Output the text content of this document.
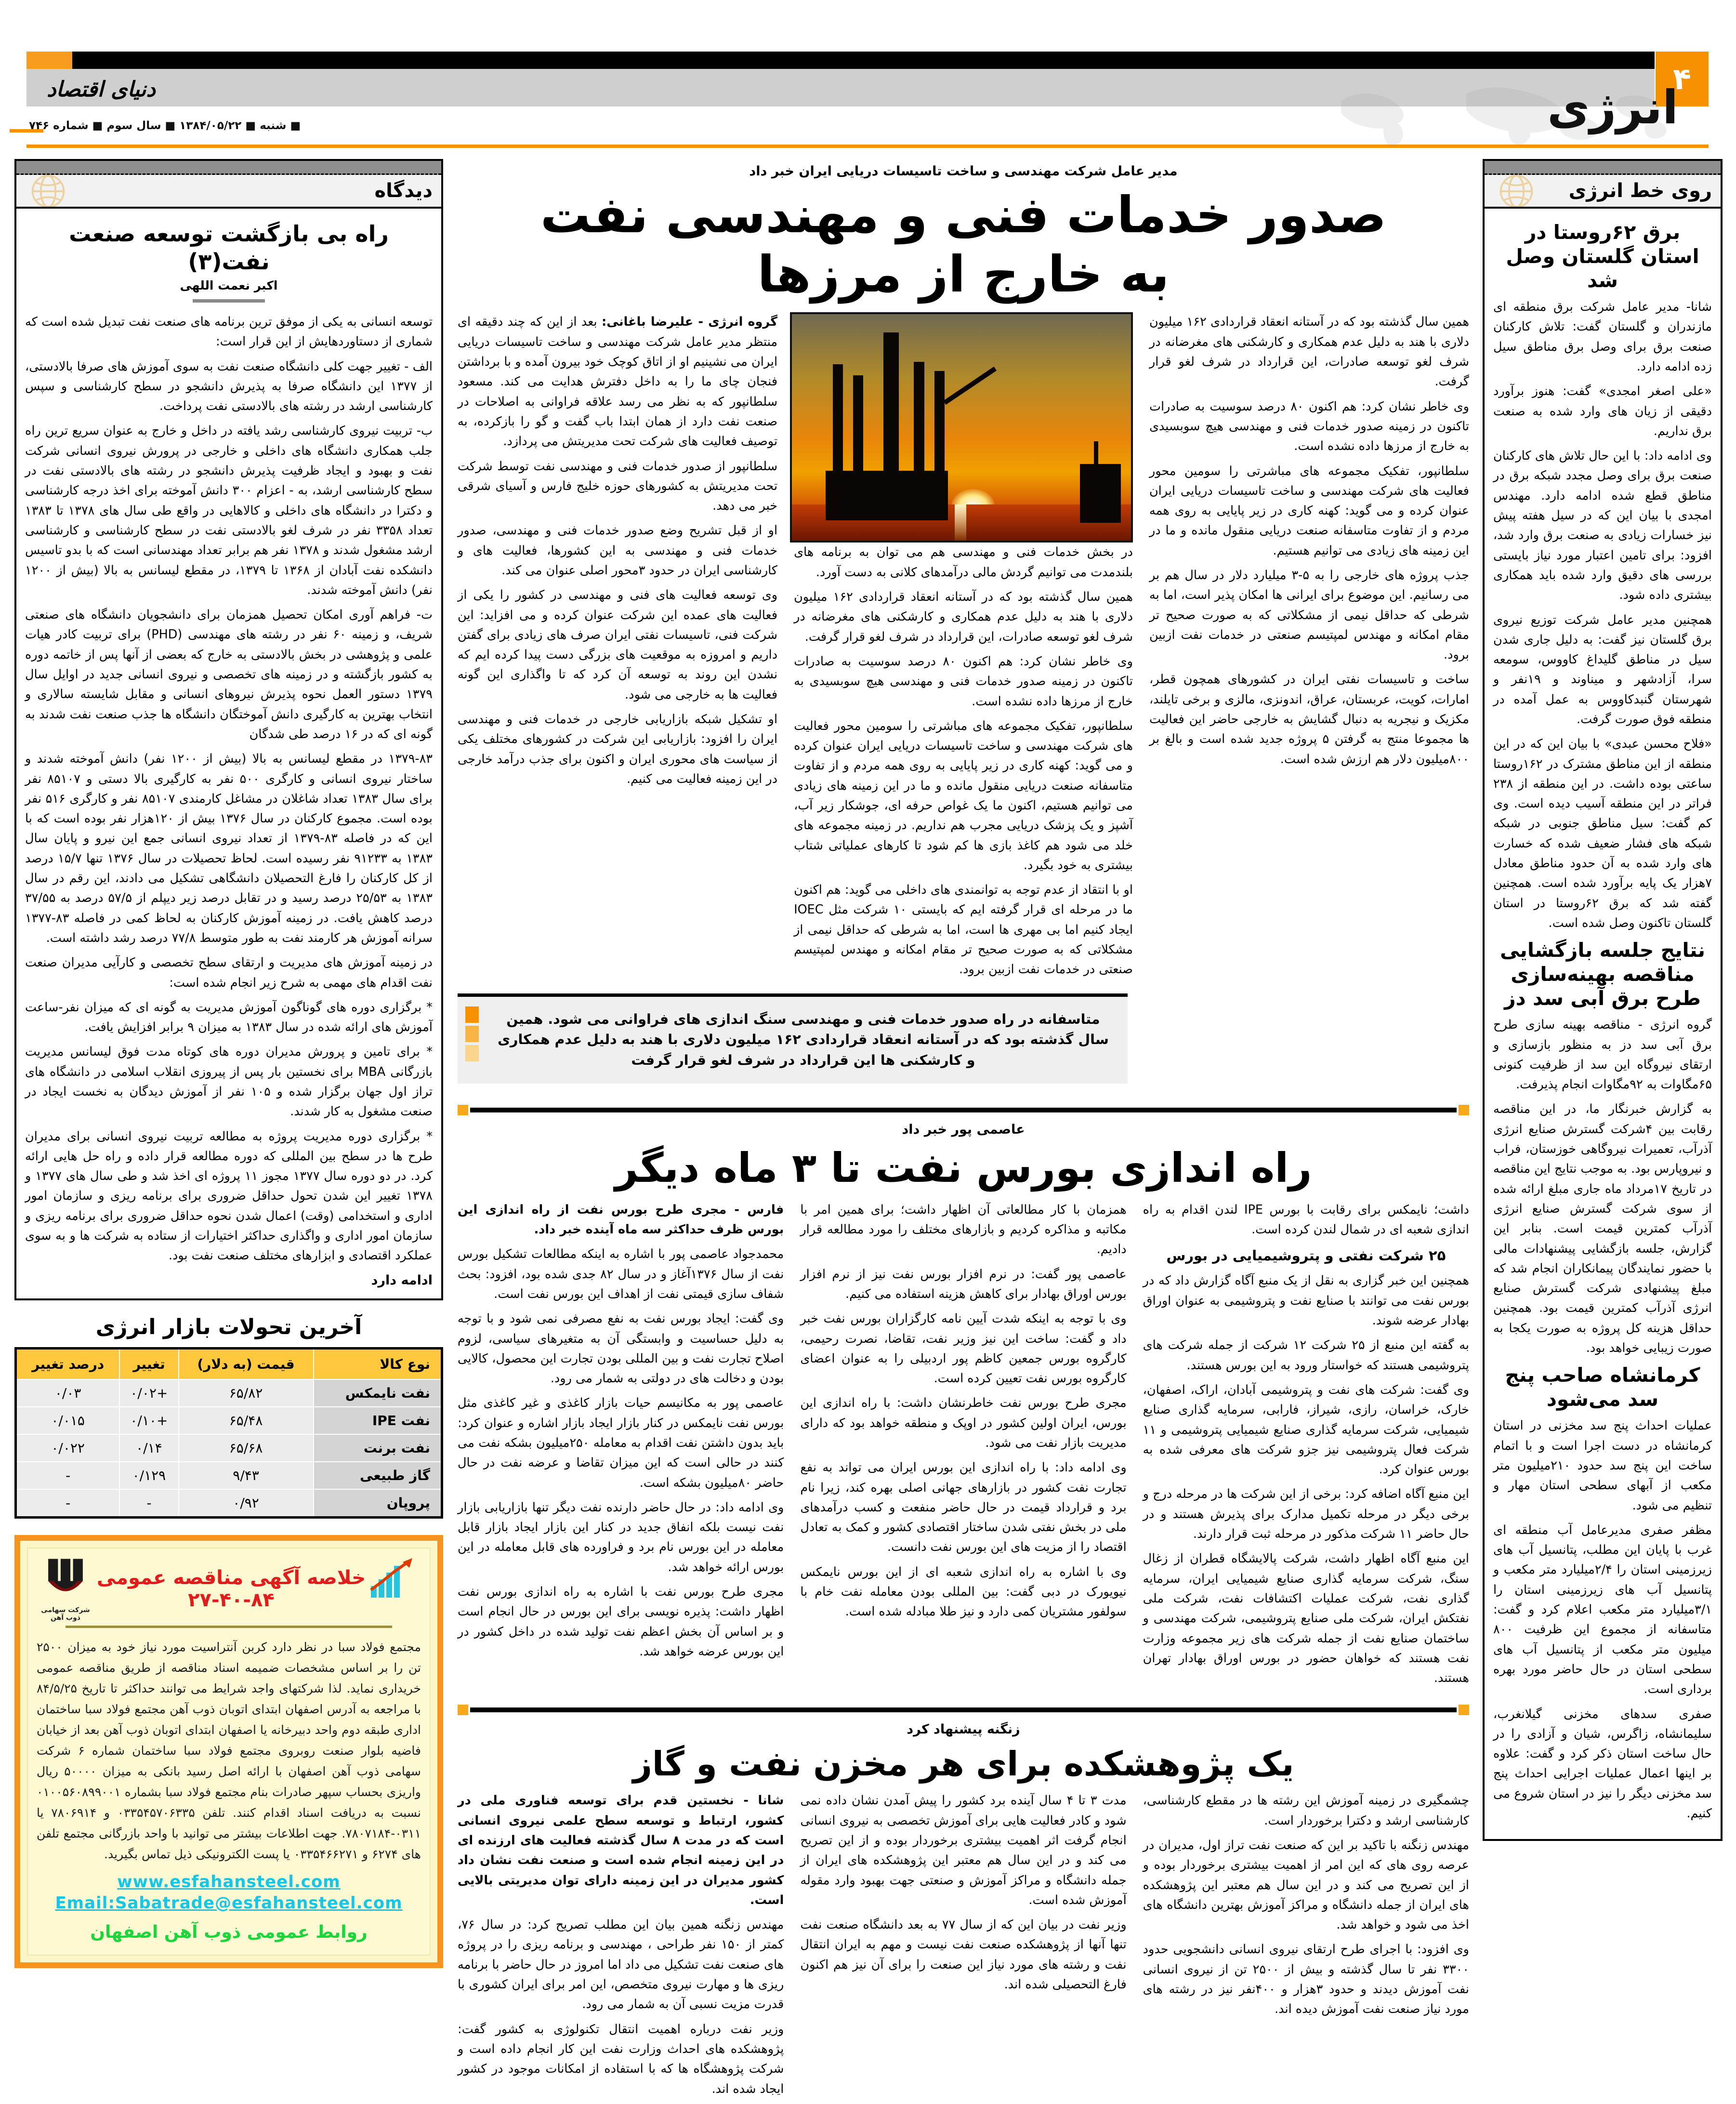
۴
دنیای اقتصاد	انرژی
■ شنبه ■ ۱۳۸۴/۰۵/۲۲ ■ سال سوم ■ شماره ۷۴۶
دیدگاه
راه بی بازگشت توسعه صنعت نفت(۳)
اکبر نعمت اللهی

توسعه انسانی به یکی از موفق ترین برنامه های صنعت نفت تبدیل شده است که شماری از دستاوردهایش از این قرار است:

الف - تغییر جهت کلی دانشگاه صنعت نفت به سوی آموزش های صرفا بالادستی، از ۱۳۷۷ این دانشگاه صرفا به پذیرش دانشجو در سطح کارشناسی و سپس کارشناسی ارشد در رشته های بالادستی نفت پرداخت.

ب- تربیت نیروی کارشناسی رشد یافته در داخل و خارج به عنوان سریع ترین راه جلب همکاری دانشگاه های داخلی و خارجی در پرورش نیروی انسانی شرکت نفت و بهبود و ایجاد ظرفیت پذیرش دانشجو در رشته های بالادستی نفت در سطح کارشناسی ارشد، به - اعزام ۳۰۰ دانش آموخته برای اخذ درجه کارشناسی و دکترا در دانشگاه های داخلی و کالاهایی در واقع طی سال های ۱۳۷۸ تا ۱۳۸۳ تعداد ۳۳۵۸ نفر در شرف لغو بالادستی نفت در سطح کارشناسی و کارشناسی ارشد مشغول شدند و ۱۳۷۸ نفر هم برابر تعداد مهندسانی است که با بدو تاسیس دانشکده نفت آبادان از ۱۳۶۸ تا ۱۳۷۹، در مقطع لیسانس به بالا (بیش از ۱۲۰۰ نفر) دانش آموخته شدند.

ت- فراهم آوری امکان تحصیل همزمان برای دانشجویان دانشگاه های صنعتی شریف، و زمینه ۶۰ نفر در رشته های مهندسی (PHD) برای تربیت کادر هیات علمی و پژوهشی در بخش بالادستی به خارج که بعضی از آنها پس از خاتمه دوره به کشور بازگشته و در زمینه های تخصصی و نیروی انسانی جدید در اوایل سال ۱۳۷۹ دستور العمل نحوه پذیرش نیروهای انسانی و مقابل شایسته سالاری و انتخاب بهترین به کارگیری دانش آموختگان دانشگاه ها جذب صنعت نفت شدند به گونه ای که در ۱۶ درصد طی شدگان

۱۳۷۹-۸۳ در مقطع لیسانس به بالا (بیش از ۱۲۰۰ نفر) دانش آموخته شدند و ساختار نیروی انسانی و کارگری ۵۰۰ نفر به کارگیری بالا دستی و ۸۵۱۰۷ نفر برای سال ۱۳۸۳ تعداد شاغلان در مشاغل کارمندی ۸۵۱۰۷ نفر و کارگری ۵۱۶ نفر بوده است. مجموع کارکنان در سال ۱۳۷۶ بیش از ۱۲۰هزار نفر بوده است که با این که در فاصله ۸۳-۱۳۷۹ از تعداد نیروی انسانی جمع این نیرو و پایان سال ۱۳۸۳ به ۹۱۲۳۳ نفر رسیده است. لحاظ تحصیلات در سال ۱۳۷۶ تنها ۱۵/۷ درصد از کل کارکنان را فارغ التحصیلان دانشگاهی تشکیل می دادند، این رقم در سال ۱۳۸۳ به ۲۵/۵۳ درصد رسید و در تقابل درصد زیر دیپلم از ۵۷/۵ درصد به ۳۷/۵۵ درصد کاهش یافت. در زمینه آموزش کارکنان به لحاظ کمی در فاصله ۸۳-۱۳۷۷ سرانه آموزش هر کارمند نفت به طور متوسط ۷۷/۸ درصد رشد داشته است.

در زمینه آموزش های مدیریت و ارتقای سطح تخصصی و کارآیی مدیران صنعت نفت اقدام های مهمی به شرح زیر انجام شده است:

* برگزاری دوره های گوناگون آموزش مدیریت به گونه ای که میزان نفر-ساعت آموزش های ارائه شده در سال ۱۳۸۳ به میزان ۹ برابر افزایش یافت.

* برای تامین و پرورش مدیران دوره های کوتاه مدت فوق لیسانس مدیریت بازرگانی MBA برای نخستین بار پس از پیروزی انقلاب اسلامی در دانشگاه های تراز اول جهان برگزار شده و ۱۰۵ نفر از آموزش دیدگان به نخست ایجاد در صنعت مشغول به کار شدند.

* برگزاری دوره مدیریت پروژه به مطالعه تربیت نیروی انسانی برای مدیران طرح ها در سطح بین المللی که دوره مطالعه قرار داده و راه حل هایی ارائه کرد. در دو دوره سال ۱۳۷۷ مجوز ۱۱ پروژه ای اخذ شد و طی سال های ۱۳۷۷ و ۱۳۷۸ تغییر این شدن تحول حداقل ضروری برای برنامه ریزی و سازمان امور اداری و استخدامی (وقت) اعمال شدن نحوه حداقل ضروری برای برنامه ریزی و سازمان امور اداری و واگذاری حداکثر اختیارات از ستاده به شرکت ها و به سوی عملکرد اقتصادی و ابزارهای مختلف صنعت نفت بود.

ادامه دارد
آخرین تحولات بازار انرژی
نوع کالا	قیمت (به دلار)	تغییر	درصد تغییر
نفت نایمکس	۶۵/۸۲	+۰/۰۲	۰/۰۳
نفت IPE	۶۵/۴۸	+۰/۱۰	۰/۰۱۵
نفت برنت	۶۵/۶۸	۰/۱۴	۰/۰۲۲
گاز طبیعی	۹/۴۳	۰/۱۲۹	-
پروپان	۰/۹۲	-	-
خلاصه آگهی مناقصه عمومی ۸۴-۴۰-۲۷
شرکت سهامی ذوب آهن
مجتمع فولاد سبا در نظر دارد کربن آنتراسیت مورد نیاز خود به میزان ۲۵۰۰ تن را بر اساس مشخصات ضمیمه اسناد مناقصه از طریق مناقصه عمومی خریداری نماید. لذا شرکتهای واجد شرایط می توانند حداکثر تا تاریخ ۸۴/۵/۲۵ با مراجعه به آدرس اصفهان ابتدای اتوبان ذوب آهن مجتمع فولاد سبا ساختمان اداری طبقه دوم واحد دبیرخانه یا اصفهان ابتدای اتوبان ذوب آهن بعد از خیابان فاضیه بلوار صنعت روبروی مجتمع فولاد سبا ساختمان شماره ۶ شرکت سهامی ذوب آهن اصفهان با ارائه اصل رسید بانکی به میزان ۵۰۰۰۰ ریال واریزی بحساب سپهر صادرات بنام مجتمع فولاد سبا بشماره ۰۱۰۰۵۶۰۸۹۹۰۰۱ نسبت به دریافت اسناد اقدام کنند. تلفن ۰۳۳۵۴۵۷۰۶۳۳۵ و ۷۸۰۶۹۱۴ یا ۰۳۱۱-۷۸۰۷۱۸۴. جهت اطلاعات بیشتر می توانید با واحد بازرگانی مجتمع تلفن های ۶۲۷۴ و ۰۳۳۵۴۶۶۲۷۱ یا پست الکترونیکی ذیل تماس بگیرید.
www.esfahansteel.com
Email:Sabatrade@esfahansteel.com
روابط عمومی ذوب آهن اصفهان
مدیر عامل شرکت مهندسی و ساخت تاسیسات دریایی ایران خبر داد
صدور خدمات فنی و مهندسی نفت
به خارج از مرزها

همین سال گذشته بود که در آستانه انعقاد قراردادی ۱۶۲ میلیون دلاری با هند به دلیل عدم همکاری و کارشکنی های مغرضانه در شرف لغو توسعه صادرات، این قرارداد در شرف لغو قرار گرفت.

وی خاطر نشان کرد: هم اکنون ۸۰ درصد سوسیت به صادرات تاکنون در زمینه صدور خدمات فنی و مهندسی هیچ سوبسیدی به خارج از مرزها داده نشده است.

سلطانپور، تفکیک مجموعه های مباشرتی را سومین محور فعالیت های شرکت مهندسی و ساخت تاسیسات دریایی ایران عنوان کرده و می گوید: کهنه کاری در زیر پایایی به روی همه مردم و از تفاوت متاسفانه صنعت دریایی منقول مانده و ما در این زمینه های زیادی می توانیم هستیم.

جذب پروژه های خارجی را به ۵-۳ میلیارد دلار در سال هم بر می رسانیم. این موضوع برای ایرانی ها امکان پذیر است، اما به شرطی که حداقل نیمی از مشکلاتی که به صورت صحیح تر مقام امکانه و مهندس لمپتیسم صنعتی در خدمات نفت ازبین برود.

ساخت و تاسیسات نفتی ایران در کشورهای همچون قطر، امارات، کویت، عربستان، عراق، اندونزی، مالزی و برخی تایلند، مکزیک و نیجریه به دنبال گشایش به خارجی حاضر این فعالیت ها مجموعا منتج به گرفتن ۵ پروژه جدید شده است و بالغ بر ۸۰۰میلیون دلار هم ارزش شده است.

در بخش خدمات فنی و مهندسی هم می توان به برنامه های بلندمدت می توانیم گردش مالی درآمدهای کلانی به دست آورد.

همین سال گذشته بود که در آستانه انعقاد قراردادی ۱۶۲ میلیون دلاری با هند به دلیل عدم همکاری و کارشکنی های مغرضانه در شرف لغو توسعه صادرات، این قرارداد در شرف لغو قرار گرفت.

وی خاطر نشان کرد: هم اکنون ۸۰ درصد سوسیت به صادرات تاکنون در زمینه صدور خدمات فنی و مهندسی هیچ سوبسیدی به خارج از مرزها داده نشده است.

سلطانپور، تفکیک مجموعه های مباشرتی را سومین محور فعالیت های شرکت مهندسی و ساخت تاسیسات دریایی ایران عنوان کرده و می گوید: کهنه کاری در زیر پایایی به روی همه مردم و از تفاوت متاسفانه صنعت دریایی منقول مانده و ما در این زمینه های زیادی می توانیم هستیم، اکنون ما یک غواص حرفه ای، جوشکار زیر آب، آشپز و یک پزشک دریایی مجرب هم نداریم. در زمینه مجموعه های خلد می شود هم کاغذ بازی ها کم شود تا کارهای عملیاتی شتاب بیشتری به خود بگیرد.

او با انتقاد از عدم توجه به توانمندی های داخلی می گوید: هم اکنون ما در مرحله ای قرار گرفته ایم که بایستی ۱۰ شرکت مثل IOEC ایجاد کنیم اما بی مهری ها است، اما به شرطی که حداقل نیمی از مشکلاتی که به صورت صحیح تر مقام امکانه و مهندس لمپتیسم صنعتی در خدمات نفت ازبین برود.

گروه انرژی - علیرضا باغانی: بعد از این که چند دقیقه ای منتظر مدیر عامل شرکت مهندسی و ساخت تاسیسات دریایی ایران می نشینیم او از اتاق کوچک خود بیرون آمده و با برداشتن فنجان چای ما را به داخل دفترش هدایت می کند. مسعود سلطانپور که به نظر می رسد علاقه فراوانی به اصلاحات در صنعت نفت دارد از همان ابتدا باب گفت و گو را بازکرده، به توصیف فعالیت های شرکت تحت مدیریتش می پردازد.

سلطانپور از صدور خدمات فنی و مهندسی نفت توسط شرکت تحت مدیریتش به کشورهای حوزه خلیج فارس و آسیای شرقی خبر می دهد.

او از قبل تشریح وضع صدور خدمات فنی و مهندسی، صدور خدمات فنی و مهندسی به این کشورها، فعالیت های و کارشناسی ایران در حدود ۳محور اصلی عنوان می کند.

وی توسعه فعالیت های فنی و مهندسی در کشور را یکی از فعالیت های عمده این شرکت عنوان کرده و می افزاید: این شرکت فنی، تاسیسات نفتی ایران صرف های زیادی برای گفتن داریم و امروزه به موقعیت های بزرگی دست پیدا کرده ایم که نشدن این روند به توسعه آن کرد که تا واگذاری این گونه فعالیت ها به خارجی می شود.

او تشکیل شبکه بازاریابی خارجی در خدمات فنی و مهندسی ایران را افزود: بازاریابی این شرکت در کشورهای مختلف یکی از سیاست های محوری ایران و اکنون برای جذب درآمد خارجی در این زمینه فعالیت می کنیم.

متاسفانه در راه صدور خدمات فنی و مهندسی سنگ اندازی های فراوانی می شود. همین سال گذشته بود که در آستانه انعقاد قراردادی ۱۶۲ میلیون دلاری با هند به دلیل عدم همکاری و کارشکنی ها این قرارداد در شرف لغو قرار گرفت

عاصمی پور خبر داد
راه اندازی بورس نفت تا ۳ ماه دیگر

داشت؛ نایمکس برای رقابت با بورس IPE لندن اقدام به راه اندازی شعبه ای در شمال لندن کرده است.

۲۵ شرکت نفتی و پتروشیمیایی در بورس

همچنین این خبر گزاری به نقل از یک منبع آگاه گزارش داد که در بورس نفت می توانند با صنایع نفت و پتروشیمی به عنوان اوراق بهادار عرضه شوند.

به گفته این منبع از ۲۵ شرکت ۱۲ شرکت از جمله شرکت های پتروشیمی هستند که خواستار ورود به این بورس هستند.

وی گفت: شرکت های نفت و پتروشیمی آبادان، اراک، اصفهان، خارک، خراسان، رازی، شیراز، فارابی، سرمایه گذاری صنایع شیمیایی، شرکت سرمایه گذاری صنایع شیمیایی پتروشیمی و ۱۱ شرکت فعال پتروشیمی نیز جزو شرکت های معرفی شده به بورس عنوان کرد.

این منبع آگاه اضافه کرد: برخی از این شرکت ها در مرحله درج و برخی دیگر در مرحله تکمیل مدارک برای پذیرش هستند و در حال حاضر ۱۱ شرکت مذکور در مرحله ثبت قرار دارند.

این منبع آگاه اظهار داشت، شرکت پالایشگاه قطران از زغال سنگ، شرکت سرمایه گذاری صنایع شیمیایی ایران، سرمایه گذاری نفت، شرکت عملیات اکتشافات نفت، شرکت ملی نفتکش ایران، شرکت ملی صنایع پتروشیمی، شرکت مهندسی و ساختمان صنایع نفت از جمله شرکت های زیر مجموعه وزارت نفت هستند که خواهان حضور در بورس اوراق بهادار تهران هستند.

همزمان با کار مطالعاتی آن اظهار داشت؛ برای همین امر با مکاتبه و مذاکره کردیم و بازارهای مختلف را مورد مطالعه قرار دادیم.

عاصمی پور گفت: در نرم افزار بورس نفت نیز از نرم افزار بورس اوراق بهادار برای کاهش هزینه استفاده می کنیم.

وی با توجه به اینکه شدت آیین نامه کارگزاران بورس نفت خبر داد و گفت: ساخت این نیز وزیر نفت، تقاضا، نصرت رحیمی، کارگروه بورس جمعین کاظم پور اردبیلی را به عنوان اعضای کارگروه بورس نفت تعیین کرده است.

مجری طرح بورس نفت خاطرنشان داشت: با راه اندازی این بورس، ایران اولین کشور در اوپک و منطقه خواهد بود که دارای مدیریت بازار نفت می شود.

وی ادامه داد: با راه اندازی این بورس ایران می تواند به نفع تجارت نفت کشور در بازارهای جهانی اصلی بهره کند، زیرا نام برد و قرارداد قیمت در حال حاضر منفعت و کسب درآمدهای ملی در بخش نفتی شدن ساختار اقتصادی کشور و کمک به تعادل اقتصاد را از مزیت های این بورس نفت دانست.

وی با اشاره به راه اندازی شعبه ای از این بورس نایمکس نیویورک در دبی گفت: بین المللی بودن معامله نفت خام با سولفور مشتریان کمی دارد و نیز طلا مبادله شده است.

فارس - مجری طرح بورس نفت از راه اندازی این بورس ظرف حداکثر سه ماه آینده خبر داد.

محمدجواد عاصمی پور با اشاره به اینکه مطالعات تشکیل بورس نفت از سال ۱۳۷۶آغاز و در سال ۸۲ جدی شده بود، افزود: بحث شفاف سازی قیمتی نفت از اهداف این بورس نفت است.

وی گفت: ایجاد بورس نفت به نفع مصرفی نمی شود و با توجه به دلیل حساسیت و وابستگی آن به متغیرهای سیاسی، لزوم اصلاح تجارت نفت و بین المللی بودن تجارت این محصول، کالایی بودن و دخالت های در دولتی به شمار می رود.

عاصمی پور به مکانیسم حیات بازار کاغذی و غیر کاغذی مثل بورس نفت نایمکس در کنار بازار ایجاد بازار اشاره و عنوان کرد: باید بدون داشتن نفت اقدام به معامله ۲۵۰میلیون بشکه نفت می کنند در حالی است که این میزان تقاضا و عرضه نفت در حال حاضر ۸۰میلیون بشکه است.

وی ادامه داد: در حال حاضر دارنده نفت دیگر تنها بازاریابی بازار نفت نیست بلکه انفاق جدید در کنار این بازار ایجاد بازار قابل معامله در این بورس نام برد و فراورده های قابل معامله در این بورس ارائه خواهد شد.

مجری طرح بورس نفت با اشاره به راه اندازی بورس نفت اظهار داشت: پذیره نویسی برای این بورس در حال انجام است و بر اساس آن بخش اعظم نفت تولید شده در داخل کشور در این بورس عرضه خواهد شد.

زنگنه پیشنهاد کرد
یک پژوهشکده برای هر مخزن نفت و گاز

چشمگیری در زمینه آموزش این رشته ها در مقطع کارشناسی، کارشناسی ارشد و دکترا برخوردار است.

مهندس زنگنه با تاکید بر این که صنعت نفت تراز اول، مدیران در عرصه روی های که این امر از اهمیت بیشتری برخوردار بوده و از این تصریح می کند و در این سال هم معتبر این پژوهشکده های ایران از جمله دانشگاه و مراکز آموزش بهترین دانشگاه های اخذ می شود و خواهد شد.

وی افزود: با اجرای طرح ارتقای نیروی انسانی دانشجویی حدود ۳۳۰۰ نفر تا سال گذشته و بیش از ۲۵۰۰ تن از نیروی انسانی نفت آموزش دیدند و حدود ۳هزار و ۴۰۰نفر نیز در رشته های مورد نیاز صنعت نفت آموزش دیده اند.

مدت ۳ تا ۴ سال آینده برد کشور را پیش آمدن نشان داده نمی شود و کادر فعالیت هایی برای آموزش تخصصی به نیروی انسانی انجام گرفت اثر اهمیت بیشتری برخوردار بوده و از این تصریح می کند و در این سال هم معتبر این پژوهشکده های ایران از جمله دانشگاه و مراکز آموزش و صنعتی جهت بهبود وارد مقوله آموزش شده است.

وزیر نفت در بیان این که از سال ۷۷ به بعد دانشگاه صنعت نفت تنها آنها از پژوهشکده صنعت نفت نیست و مهم به ایران انتقال نفت و رشته های مورد نیاز این صنعت را برای آن نیز هم اکنون فارغ التحصیلی شده اند.

شانا - نخستین قدم برای توسعه فناوری ملی در کشور، ارتباط و توسعه سطح علمی نیروی انسانی است که در مدت ۸ سال گذشته فعالیت های ارزنده ای در این زمینه انجام شده است و صنعت نفت نشان داد کشور مدیران در این زمینه دارای توان مدیریتی بالایی است.

مهندس زنگنه همین بیان این مطلب تصریح کرد: در سال ۷۶، کمتر از ۱۵۰ نفر طراحی ، مهندسی و برنامه ریزی را در پروژه های صنعت نفت تشکیل می داد اما امروز در حال حاضر با برنامه ریزی ها و مهارت نیروی متخصص، این امر برای ایران کشوری با قدرت مزیت نسبی آن به شمار می رود.

وزیر نفت درباره اهمیت انتقال تکنولوژی به کشور گفت: پژوهشکده های احداث وزارت نفت این کار انجام داده است و شرکت پژوهشگاه ها که با استفاده از امکانات موجود در کشور ایجاد شده اند.

روی خط انرژی
برق ۶۲روستا در استان گلستان وصل شد

شانا- مدیر عامل شرکت برق منطقه ای مازندران و گلستان گفت: تلاش کارکنان صنعت برق برای وصل برق مناطق سیل زده ادامه دارد.

«علی اصغر امجدی» گفت: هنوز برآورد دقیقی از زیان های وارد شده به صنعت برق نداریم.

وی ادامه داد: با این حال تلاش های کارکنان صنعت برق برای وصل مجدد شبکه برق در مناطق قطع شده ادامه دارد. مهندس امجدی با بیان این که در سیل هفته پیش نیز خسارات زیادی به صنعت برق وارد شد، افزود: برای تامین اعتبار مورد نیاز بایستی بررسی های دقیق وارد شده باید همکاری بیشتری داده شود.

همچنین مدیر عامل شرکت توزیع نیروی برق گلستان نیز گفت: به دلیل جاری شدن سیل در مناطق گلیداغ کاووس، سومعه سرا، آزادشهر و میناوند و ۱۹نفر و شهرستان گنبدکاووس به عمل آمده در منطقه فوق صورت گرفت.

«فلاح محسن عبدی» با بیان این که در این منطقه از این مناطق مشترک در ۱۶۲روستا ساعتی بوده داشت. در این منطقه از ۲۳۸ فراتر در این منطقه آسیب دیده است. وی کم گفت: سیل مناطق جنوبی در شبکه شبکه های فشار ضعیف شده که خسارت های وارد شده به آن حدود مناطق معادل ۷هزار یک پایه برآورد شده است. همچنین گفته شد که برق ۶۲روستا در استان گلستان تاکنون وصل شده است.

نتایج جلسه بازگشایی مناقصه بهینه‌سازی طرح برق آبی سد دز

گروه انرژی - مناقصه بهینه سازی طرح برق آبی سد دز به منظور بازسازی و ارتقای نیروگاه این سد از ظرفیت کنونی ۶۵مگاوات به ۹۲مگاوات انجام پذیرفت.

به گزارش خبرنگار ما، در این مناقصه رقابت بین ۴شرکت گسترش صنایع انرژی آذرآب، تعمیرات نیروگاهی خوزستان، فراب و نیروپارس بود. به موجب نتایج این مناقصه در تاریخ ۱۷مرداد ماه جاری مبلغ ارائه شده از سوی شرکت گسترش صنایع انرژی آذرآب کمترین قیمت است. بنابر این گزارش، جلسه بازگشایی پیشنهادات مالی با حضور نمایندگان پیمانکاران انجام شد که مبلغ پیشنهادی شرکت گسترش صنایع انرژی آذرآب کمترین قیمت بود. همچنین حداقل هزینه کل پروژه به صورت یکجا به صورت زیبایی خواهد بود.

کرمانشاه صاحب پنج سد می‌شود

عملیات احداث پنج سد مخزنی در استان کرمانشاه در دست اجرا است و با اتمام ساخت این پنج سد حدود ۲۱۰میلیون متر مکعب از آبهای سطحی استان مهار و تنظیم می شود.

مظفر صفری مدیرعامل آب منطقه ای غرب با پایان این مطلب، پتانسیل آب های زیرزمینی استان را ۲/۴میلیارد متر مکعب و پتانسیل آب های زیرزمینی استان را ۳/۱میلیارد متر مکعب اعلام کرد و گفت: متاسفانه از مجموع این ظرفیت ۸۰۰ میلیون متر مکعب از پتانسیل آب های سطحی استان در حال حاضر مورد بهره برداری است.

صفری سدهای مخزنی گیلانغرب، سلیمانشاه، زاگرس، شیان و آزادی را در حال ساخت استان ذکر کرد و گفت: علاوه بر اینها اعمال عملیات اجرایی احداث پنج سد مخزنی دیگر را نیز در استان شروع می کنیم.
